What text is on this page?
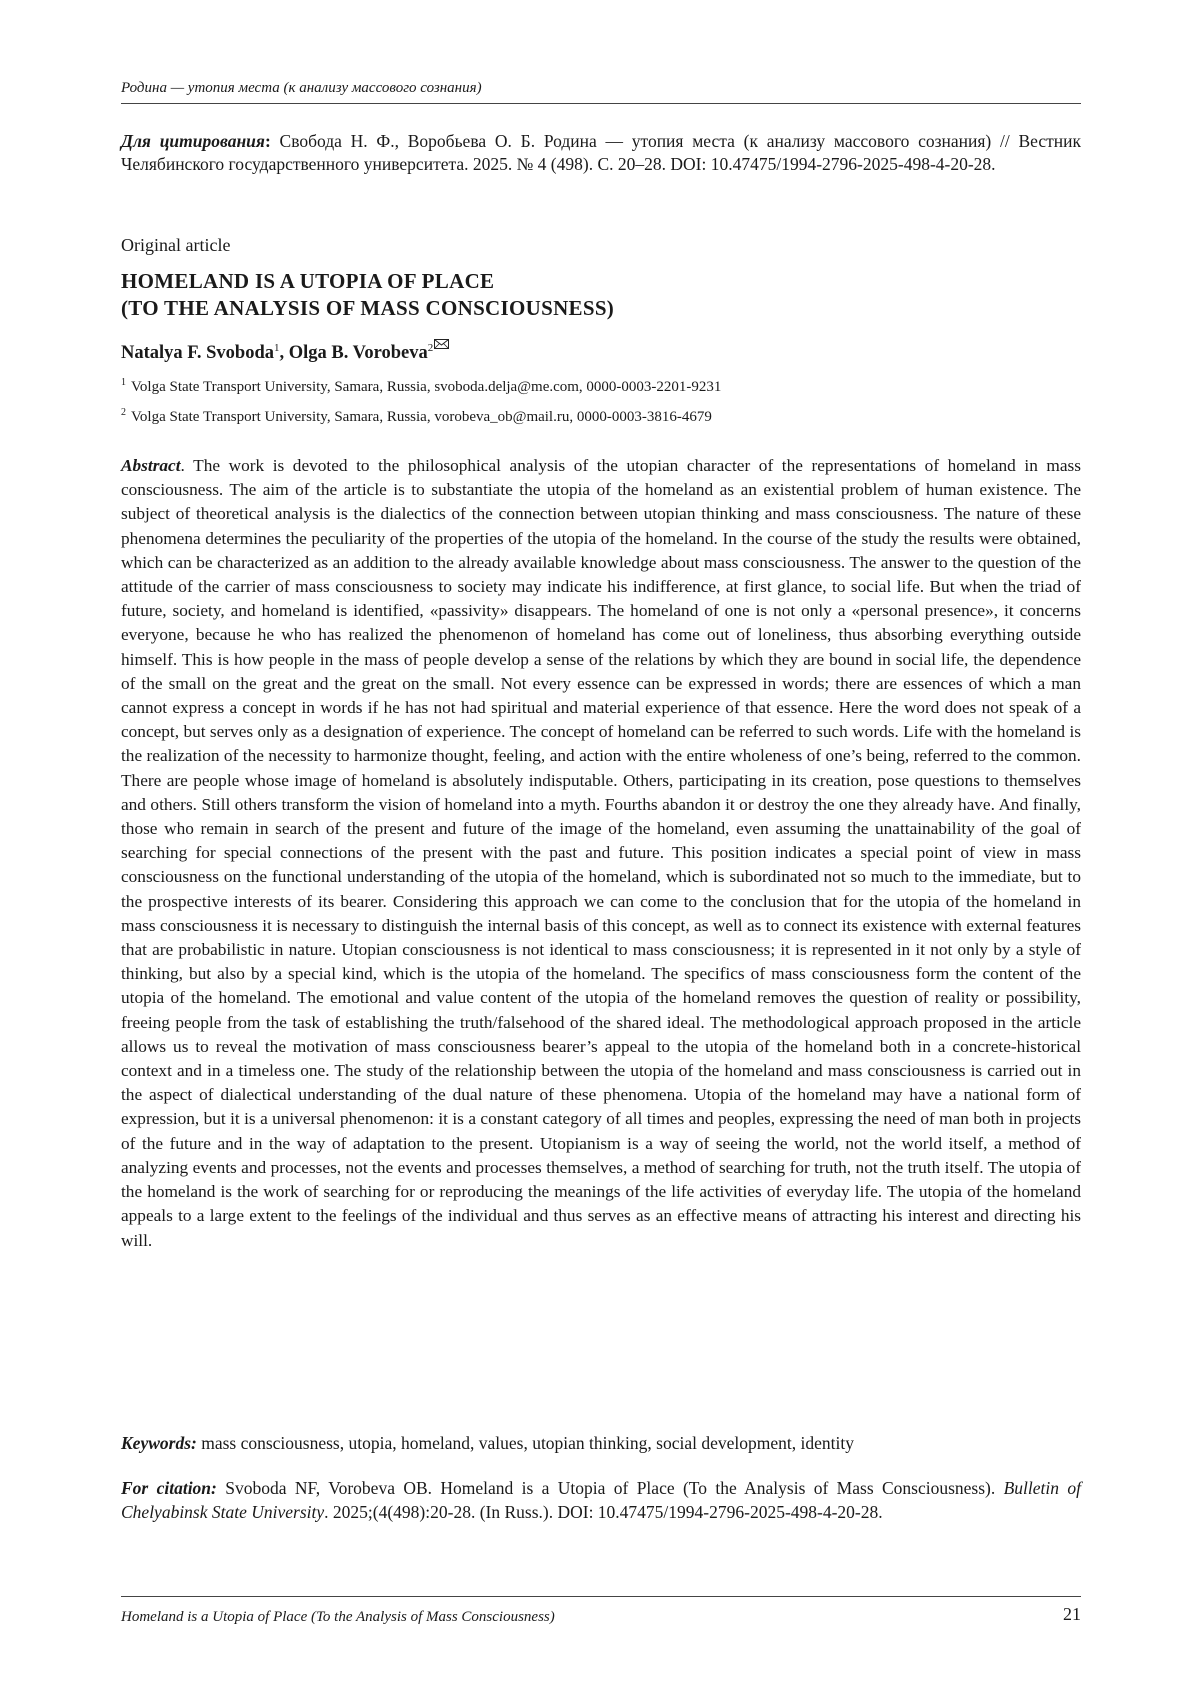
Родина — утопия места (к анализу массового сознания)
Для цитирования: Свобода Н. Ф., Воробьева О. Б. Родина — утопия места (к анализу массового сознания) // Вестник Челябинского государственного университета. 2025. № 4 (498). С. 20–28. DOI: 10.47475/1994-2796-2025-498-4-20-28.
Original article
HOMELAND IS A UTOPIA OF PLACE
(TO THE ANALYSIS OF MASS CONSCIOUSNESS)
Natalya F. Svoboda$^1$, Olga B. Vorobeva$^2$
$^1$ Volga State Transport University, Samara, Russia, svoboda.delja@me.com, 0000-0003-2201-9231
$^2$ Volga State Transport University, Samara, Russia, vorobeva_ob@mail.ru, 0000-0003-3816-4679

Abstract. The work is devoted to the philosophical analysis of the utopian character of the representations of homeland in mass consciousness. The aim of the article is to substantiate the utopia of the homeland as an existential problem of human existence. The subject of theoretical analysis is the dialectics of the connection between utopian thinking and mass consciousness. The nature of these phenomena determines the peculiarity of the properties of the utopia of the homeland. In the course of the study the results were obtained, which can be characterized as an addition to the already available knowledge about mass consciousness. The answer to the question of the attitude of the carrier of mass consciousness to society may indicate his indifference, at first glance, to social life. But when the triad of future, society, and homeland is identified, «passivity» disappears. The homeland of one is not only a «personal presence», it concerns everyone, because he who has realized the phenomenon of homeland has come out of loneliness, thus absorbing everything outside himself. This is how people in the mass of people develop a sense of the relations by which they are bound in social life, the dependence of the small on the great and the great on the small. Not every essence can be expressed in words; there are essences of which a man cannot express a concept in words if he has not had spiritual and material experience of that essence. Here the word does not speak of a concept, but serves only as a designation of experience. The concept of homeland can be referred to such words. Life with the homeland is the realization of the necessity to harmonize thought, feeling, and action with the entire wholeness of one’s being, referred to the common. There are people whose image of homeland is absolutely indisputable. Others, participating in its creation, pose questions to themselves and others. Still others transform the vision of homeland into a myth. Fourths abandon it or destroy the one they already have. And finally, those who remain in search of the present and future of the image of the homeland, even assuming the unattainability of the goal of searching for special connections of the present with the past and future. This position indicates a special point of view in mass consciousness on the functional understanding of the utopia of the homeland, which is subordinated not so much to the immediate, but to the prospective interests of its bearer. Considering this approach we can come to the conclusion that for the utopia of the homeland in mass consciousness it is necessary to distinguish the internal basis of this concept, as well as to connect its existence with external features that are probabilistic in nature. Utopian consciousness is not identical to mass consciousness; it is represented in it not only by a style of thinking, but also by a special kind, which is the utopia of the homeland. The specifics of mass consciousness form the content of the utopia of the homeland. The emotional and value content of the utopia of the homeland removes the question of reality or possibility, freeing people from the task of establishing the truth/falsehood of the shared ideal. The methodological approach proposed in the article allows us to reveal the motivation of mass consciousness bearer’s appeal to the utopia of the homeland both in a concrete-historical context and in a timeless one. The study of the relationship between the utopia of the homeland and mass consciousness is carried out in the aspect of dialectical understanding of the dual nature of these phenomena. Utopia of the homeland may have a national form of expression, but it is a universal phenomenon: it is a constant category of all times and peoples, expressing the need of man both in projects of the future and in the way of adaptation to the present. Utopianism is a way of seeing the world, not the world itself, a method of analyzing events and processes, not the events and processes themselves, a method of searching for truth, not the truth itself. The utopia of the homeland is the work of searching for or reproducing the meanings of the life activities of everyday life. The utopia of the homeland appeals to a large extent to the feelings of the individual and thus serves as an effective means of attracting his interest and directing his will.

Keywords: mass consciousness, utopia, homeland, values, utopian thinking, social development, identity
For citation: Svoboda NF, Vorobeva OB. Homeland is a Utopia of Place (To the Analysis of Mass Consciousness). Bulletin of Chelyabinsk State University. 2025;(4(498):20-28. (In Russ.). DOI: 10.47475/1994-2796-2025-498-4-20-28.
Homeland is a Utopia of Place (To the Analysis of Mass Consciousness)	21
